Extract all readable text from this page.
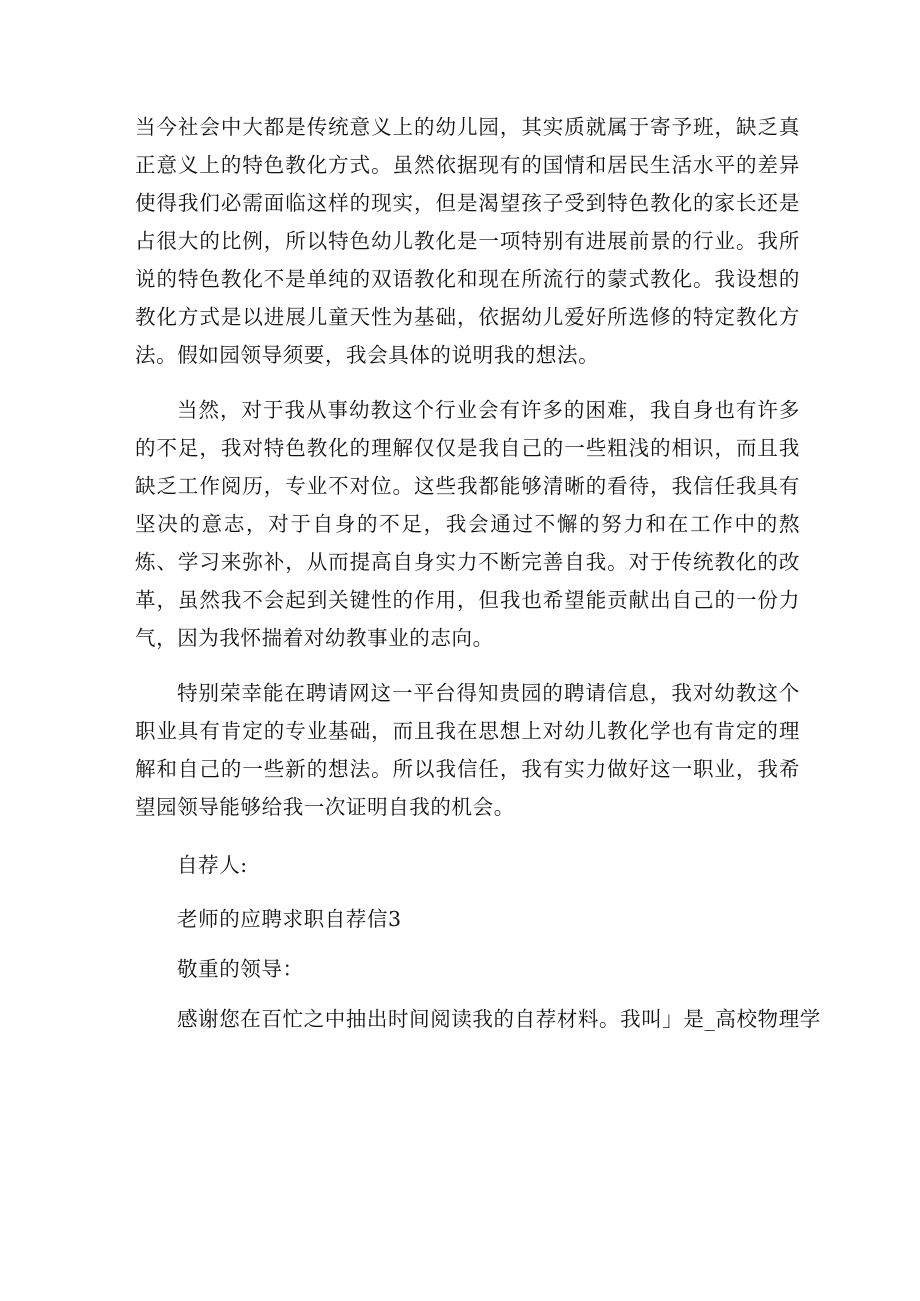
当今社会中大都是传统意义上的幼儿园，其实质就属于寄予班，缺乏真正意义上的特色教化方式。虽然依据现有的国情和居民生活水平的差异使得我们必需面临这样的现实，但是渴望孩子受到特色教化的家长还是占很大的比例，所以特色幼儿教化是一项特别有进展前景的行业。我所说的特色教化不是单纯的双语教化和现在所流行的蒙式教化。我设想的教化方式是以进展儿童天性为基础，依据幼儿爱好所选修的特定教化方法。假如园领导须要，我会具体的说明我的想法。

当然，对于我从事幼教这个行业会有许多的困难，我自身也有许多的不足，我对特色教化的理解仅仅是我自己的一些粗浅的相识，而且我缺乏工作阅历，专业不对位。这些我都能够清晰的看待，我信任我具有坚决的意志，对于自身的不足，我会通过不懈的努力和在工作中的熬炼、学习来弥补，从而提高自身实力不断完善自我。对于传统教化的改革，虽然我不会起到关键性的作用，但我也希望能贡献出自己的一份力气，因为我怀揣着对幼教事业的志向。

特别荣幸能在聘请网这一平台得知贵园的聘请信息，我对幼教这个职业具有肯定的专业基础，而且我在思想上对幼儿教化学也有肯定的理解和自己的一些新的想法。所以我信任，我有实力做好这一职业，我希望园领导能够给我一次证明自我的机会。

自荐人:

老师的应聘求职自荐信3

敬重的领导：

感谢您在百忙之中抽出时间阅读我的自荐材料。我叫」是_高校物理学
